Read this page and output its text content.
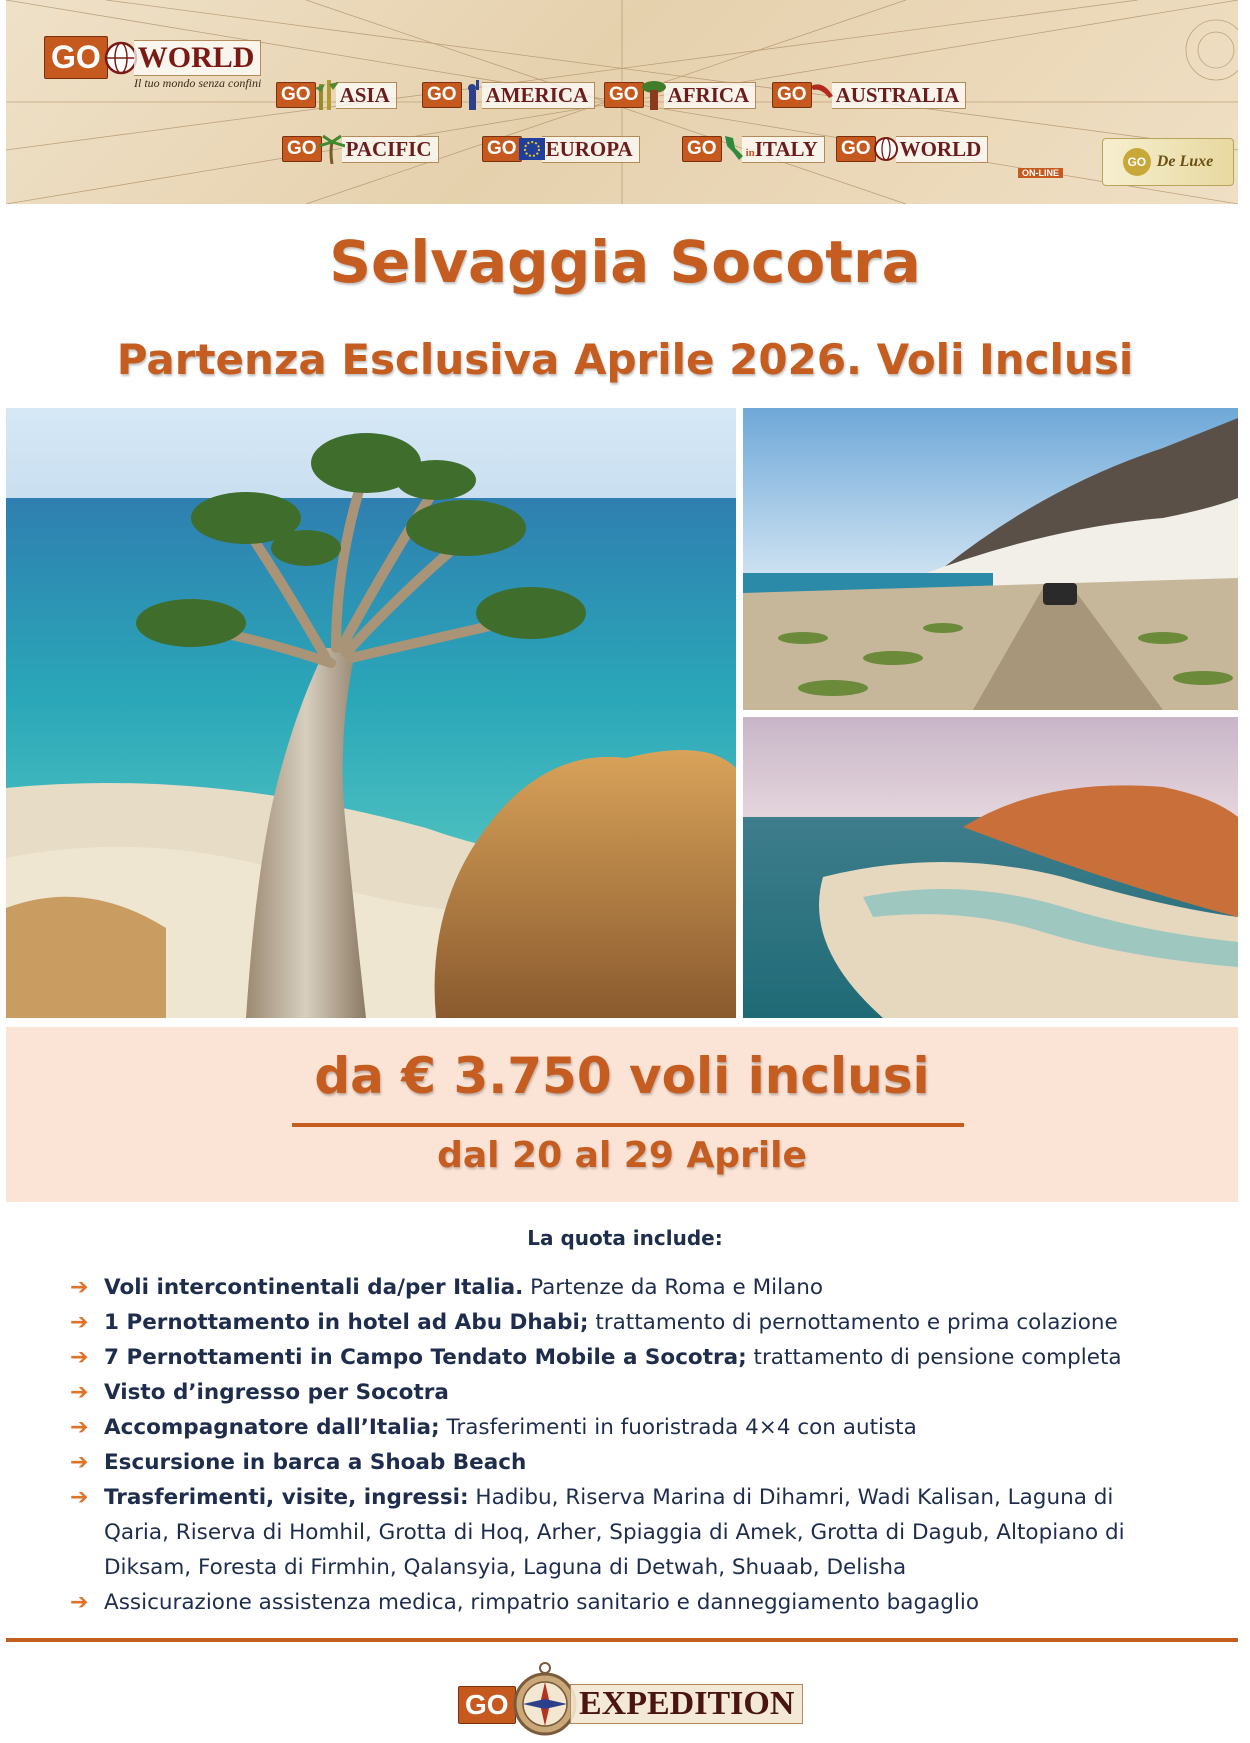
GO WORLD
Il tuo mondo senza confini
GO ASIA	GO AMERICA	GO AFRICA	GO AUSTRALIA
GO PACIFIC	GO EUROPA	GO	inITALY	GO WORLD
ON-LINE
GO De Luxe
Selvaggia Socotra
Partenza Esclusiva Aprile 2026. Voli Inclusi
da € 3.750 voli inclusi
dal 20 al 29 Aprile
La quota include:
➔ Voli intercontinentali da/per Italia. Partenze da Roma e Milano
➔ 1 Pernottamento in hotel ad Abu Dhabi; trattamento di pernottamento e prima colazione
➔ 7 Pernottamenti in Campo Tendato Mobile a Socotra; trattamento di pensione completa
➔ Visto d’ingresso per Socotra
➔ Accompagnatore dall’Italia; Trasferimenti in fuoristrada 4×4 con autista
➔ Escursione in barca a Shoab Beach
➔ Trasferimenti, visite, ingressi: Hadibu, Riserva Marina di Dihamri, Wadi Kalisan, Laguna di Qaria, Riserva di Homhil, Grotta di Hoq, Arher, Spiaggia di Amek, Grotta di Dagub, Altopiano di Diksam, Foresta di Firmhin, Qalansyia, Laguna di Detwah, Shuaab, Delisha
➔ Assicurazione assistenza medica, rimpatrio sanitario e danneggiamento bagaglio
GO EXPEDITION
